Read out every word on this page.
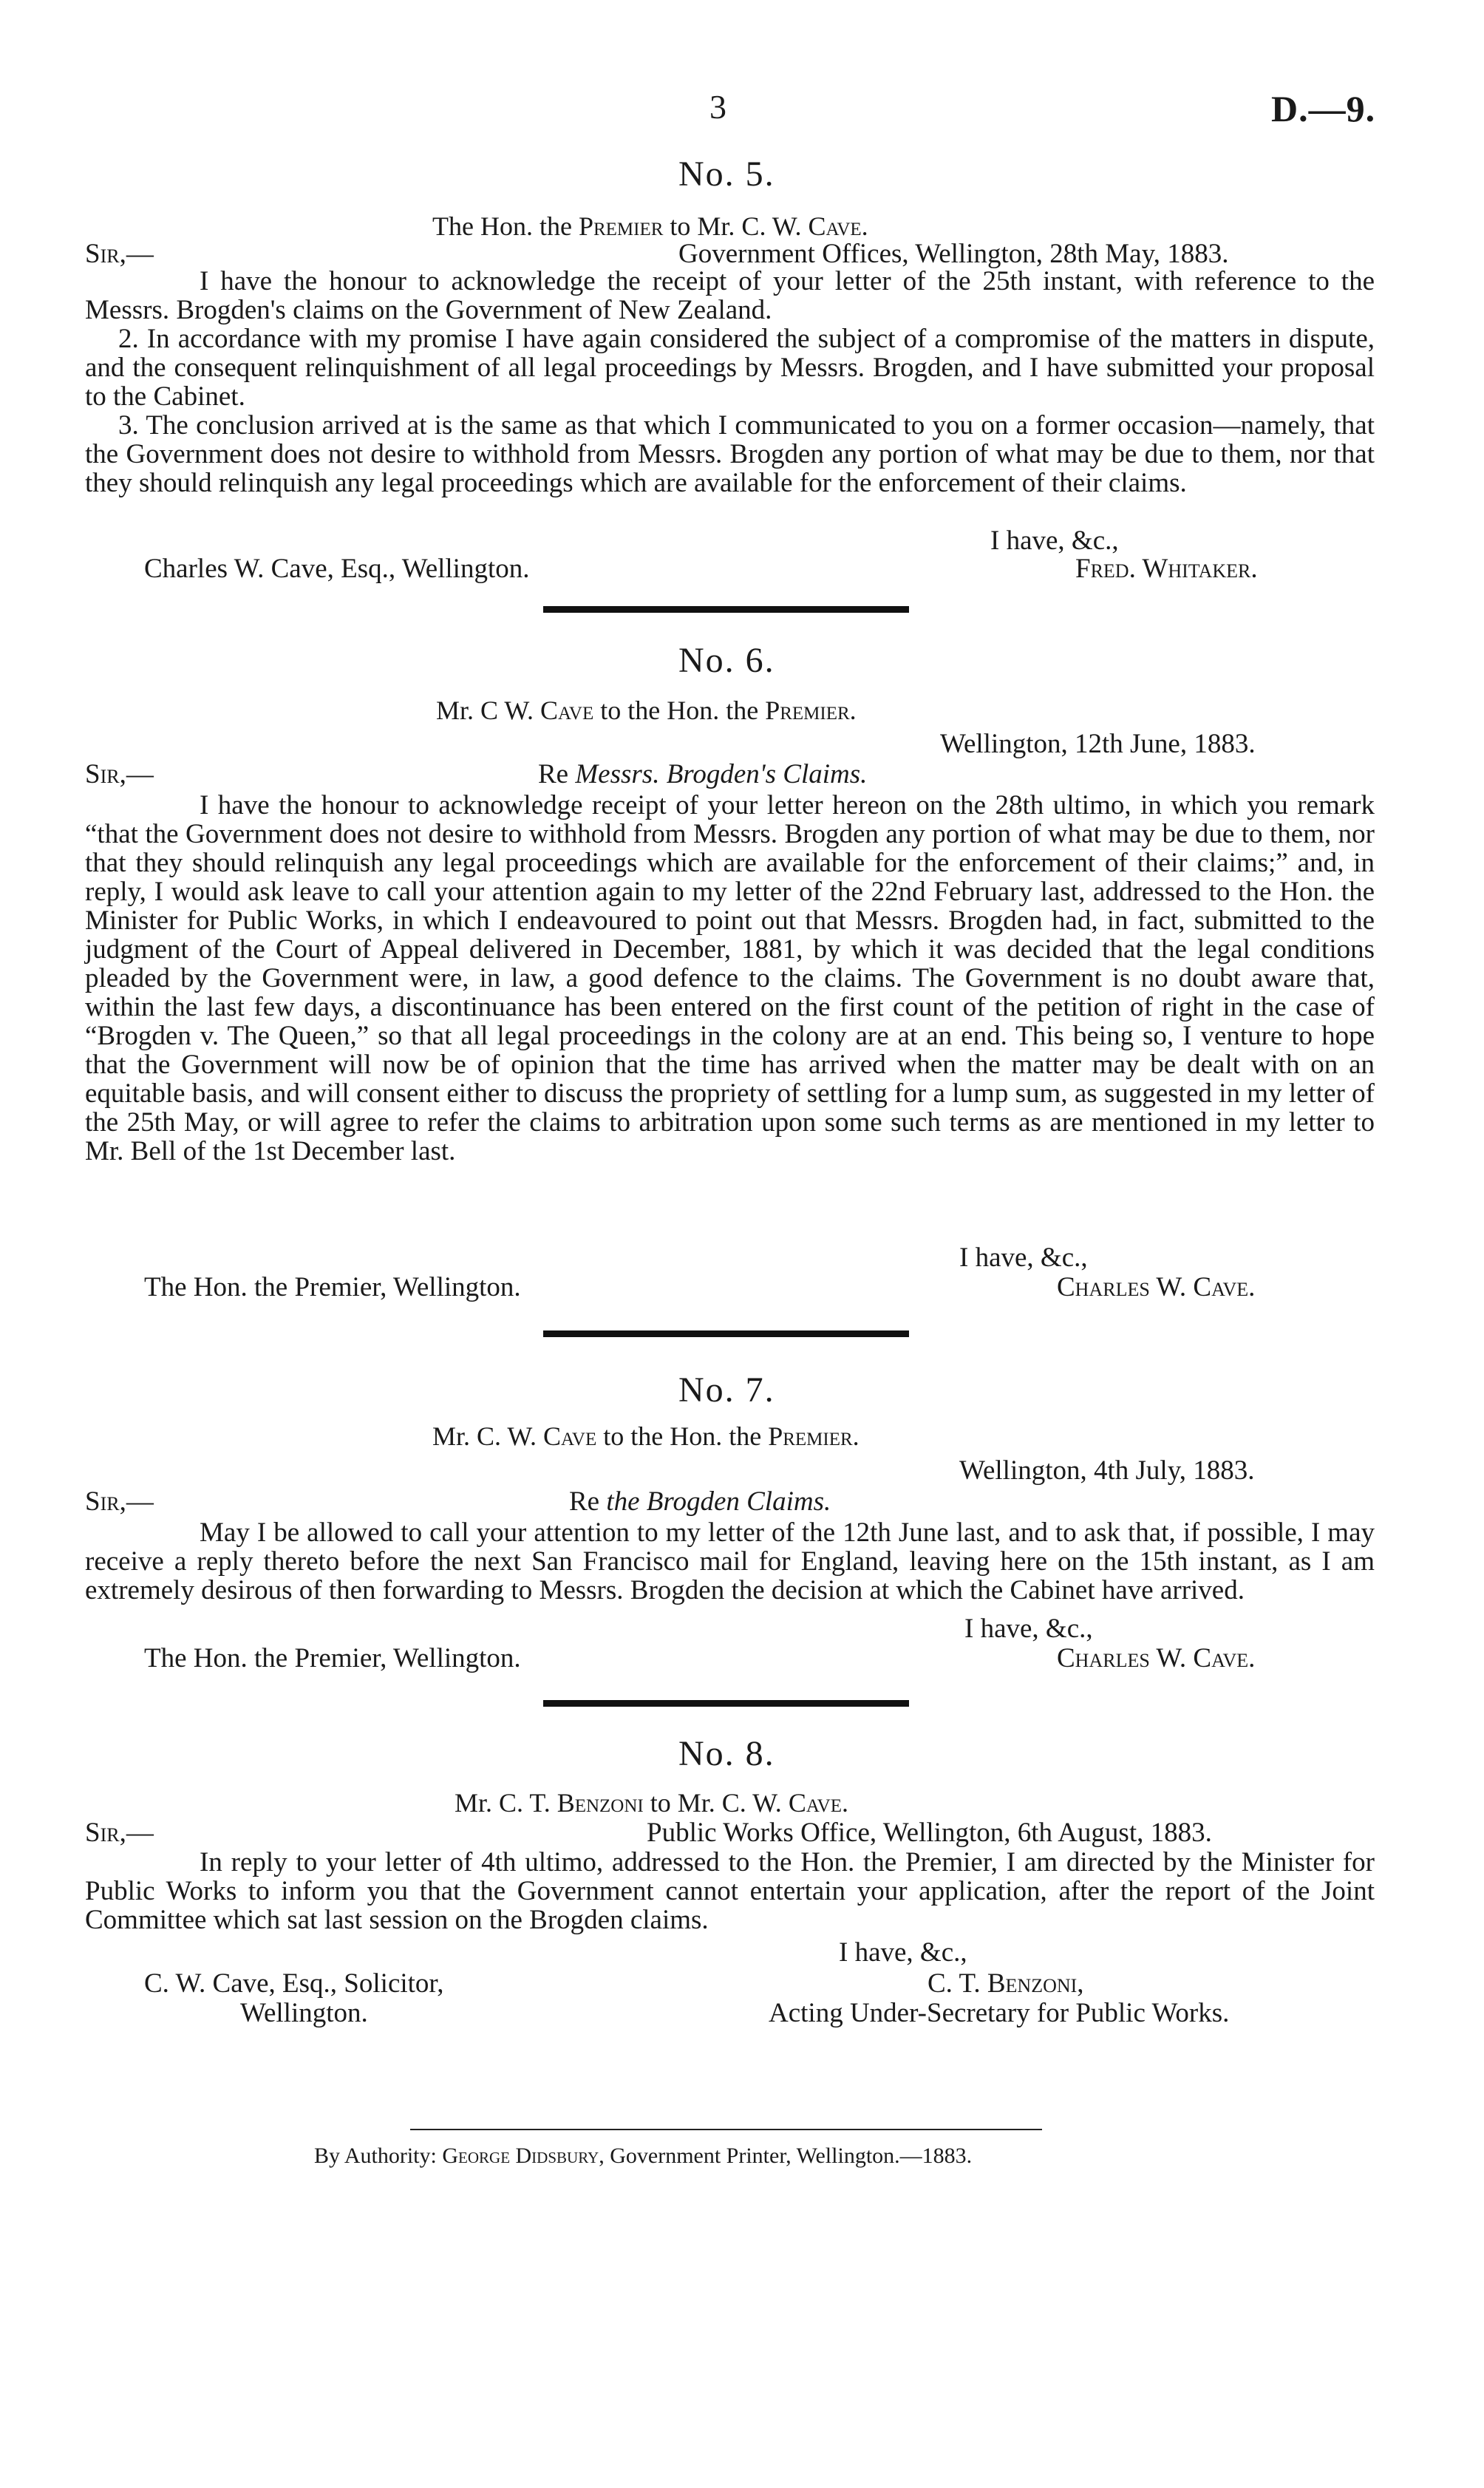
3	D.—9.
No. 5.
The Hon. the Premier to Mr. C. W. Cave.
Sir,—	Government Offices, Wellington, 28th May, 1883.

I have the honour to acknowledge the receipt of your letter of the 25th instant, with reference to the Messrs. Brogden's claims on the Government of New Zealand.

2. In accordance with my promise I have again considered the subject of a compromise of the matters in dispute, and the consequent relinquishment of all legal proceedings by Messrs. Brogden, and I have submitted your proposal to the Cabinet.

3. The conclusion arrived at is the same as that which I communicated to you on a former occasion—namely, that the Government does not desire to withhold from Messrs. Brogden any portion of what may be due to them, nor that they should relinquish any legal proceedings which are available for the enforcement of their claims.

I have, &c.,
Charles W. Cave, Esq., Wellington.	Fred. Whitaker.
No. 6.
Mr. C W. Cave to the Hon. the Premier.
Wellington, 12th June, 1883.
Sir,—	Re Messrs. Brogden's Claims.

I have the honour to acknowledge receipt of your letter hereon on the 28th ultimo, in which you remark “that the Government does not desire to withhold from Messrs. Brogden any portion of what may be due to them, nor that they should relinquish any legal proceedings which are available for the enforcement of their claims;” and, in reply, I would ask leave to call your attention again to my letter of the 22nd February last, addressed to the Hon. the Minister for Public Works, in which I endeavoured to point out that Messrs. Brogden had, in fact, submitted to the judgment of the Court of Appeal delivered in December, 1881, by which it was decided that the legal conditions pleaded by the Government were, in law, a good defence to the claims. The Government is no doubt aware that, within the last few days, a discontinuance has been entered on the first count of the petition of right in the case of “Brogden v. The Queen,” so that all legal proceedings in the colony are at an end. This being so, I venture to hope that the Government will now be of opinion that the time has arrived when the matter may be dealt with on an equitable basis, and will consent either to discuss the propriety of settling for a lump sum, as suggested in my letter of the 25th May, or will agree to refer the claims to arbitration upon some such terms as are mentioned in my letter to Mr. Bell of the 1st December last.

I have, &c.,
The Hon. the Premier, Wellington.	Charles W. Cave.
No. 7.
Mr. C. W. Cave to the Hon. the Premier.
Wellington, 4th July, 1883.
Sir,—	Re the Brogden Claims.

May I be allowed to call your attention to my letter of the 12th June last, and to ask that, if possible, I may receive a reply thereto before the next San Francisco mail for England, leaving here on the 15th instant, as I am extremely desirous of then forwarding to Messrs. Brogden the decision at which the Cabinet have arrived.

I have, &c.,
The Hon. the Premier, Wellington.	Charles W. Cave.
No. 8.
Mr. C. T. Benzoni to Mr. C. W. Cave.
Sir,—	Public Works Office, Wellington, 6th August, 1883.

In reply to your letter of 4th ultimo, addressed to the Hon. the Premier, I am directed by the Minister for Public Works to inform you that the Government cannot entertain your application, after the report of the Joint Committee which sat last session on the Brogden claims.

I have, &c.,
C. W. Cave, Esq., Solicitor,
Wellington.
C. T. Benzoni,
Acting Under-Secretary for Public Works.
By Authority: George Didsbury, Government Printer, Wellington.—1883.
